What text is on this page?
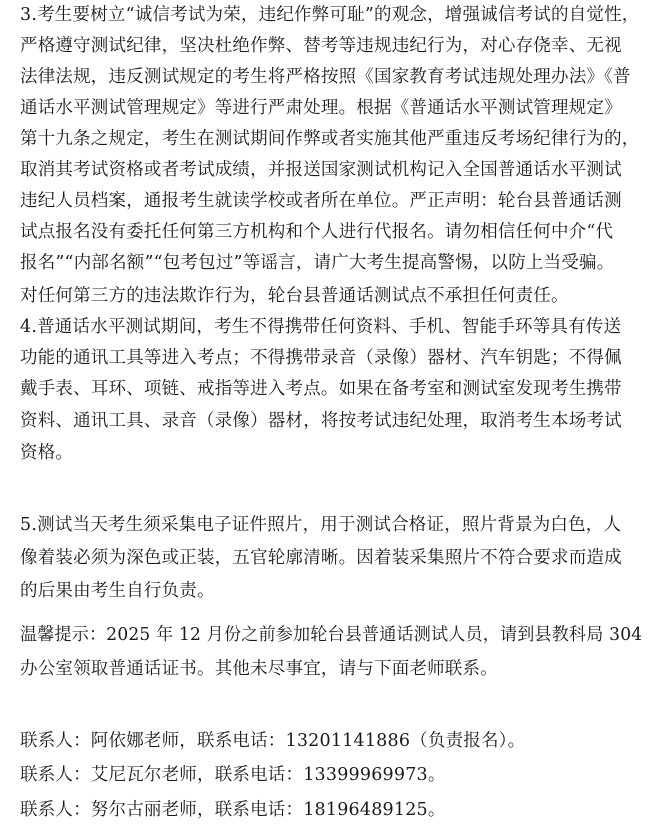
3.考生要树立“诚信考试为荣，违纪作弊可耻”的观念，增强诚信考试的自觉性，
严格遵守测试纪律，坚决杜绝作弊、替考等违规违纪行为，对心存侥幸、无视
法律法规，违反测试规定的考生将严格按照《国家教育考试违规处理办法》《普
通话水平测试管理规定》等进行严肃处理。根据《普通话水平测试管理规定》
第十九条之规定，考生在测试期间作弊或者实施其他严重违反考场纪律行为的，
取消其考试资格或者考试成绩，并报送国家测试机构记入全国普通话水平测试
违纪人员档案，通报考生就读学校或者所在单位。严正声明：轮台县普通话测
试点报名没有委托任何第三方机构和个人进行代报名。请勿相信任何中介“代
报名”“内部名额”“包考包过”等谣言，请广大考生提高警惕，以防上当受骗。
对任何第三方的违法欺诈行为，轮台县普通话测试点不承担任何责任。
4.普通话水平测试期间，考生不得携带任何资料、手机、智能手环等具有传送
功能的通讯工具等进入考点；不得携带录音（录像）器材、汽车钥匙；不得佩
戴手表、耳环、项链、戒指等进入考点。如果在备考室和测试室发现考生携带
资料、通讯工具、录音（录像）器材，将按考试违纪处理，取消考生本场考试
资格。
5.测试当天考生须采集电子证件照片，用于测试合格证，照片背景为白色，人
像着装必须为深色或正装，五官轮廓清晰。因着装采集照片不符合要求而造成
的后果由考生自行负责。
温馨提示：2025 年 12 月份之前参加轮台县普通话测试人员，请到县教科局 304
办公室领取普通话证书。其他未尽事宜，请与下面老师联系。
联系人：阿依娜老师，联系电话：13201141886（负责报名）。
联系人：艾尼瓦尔老师，联系电话：13399969973。
联系人：努尔古丽老师，联系电话：18196489125。
